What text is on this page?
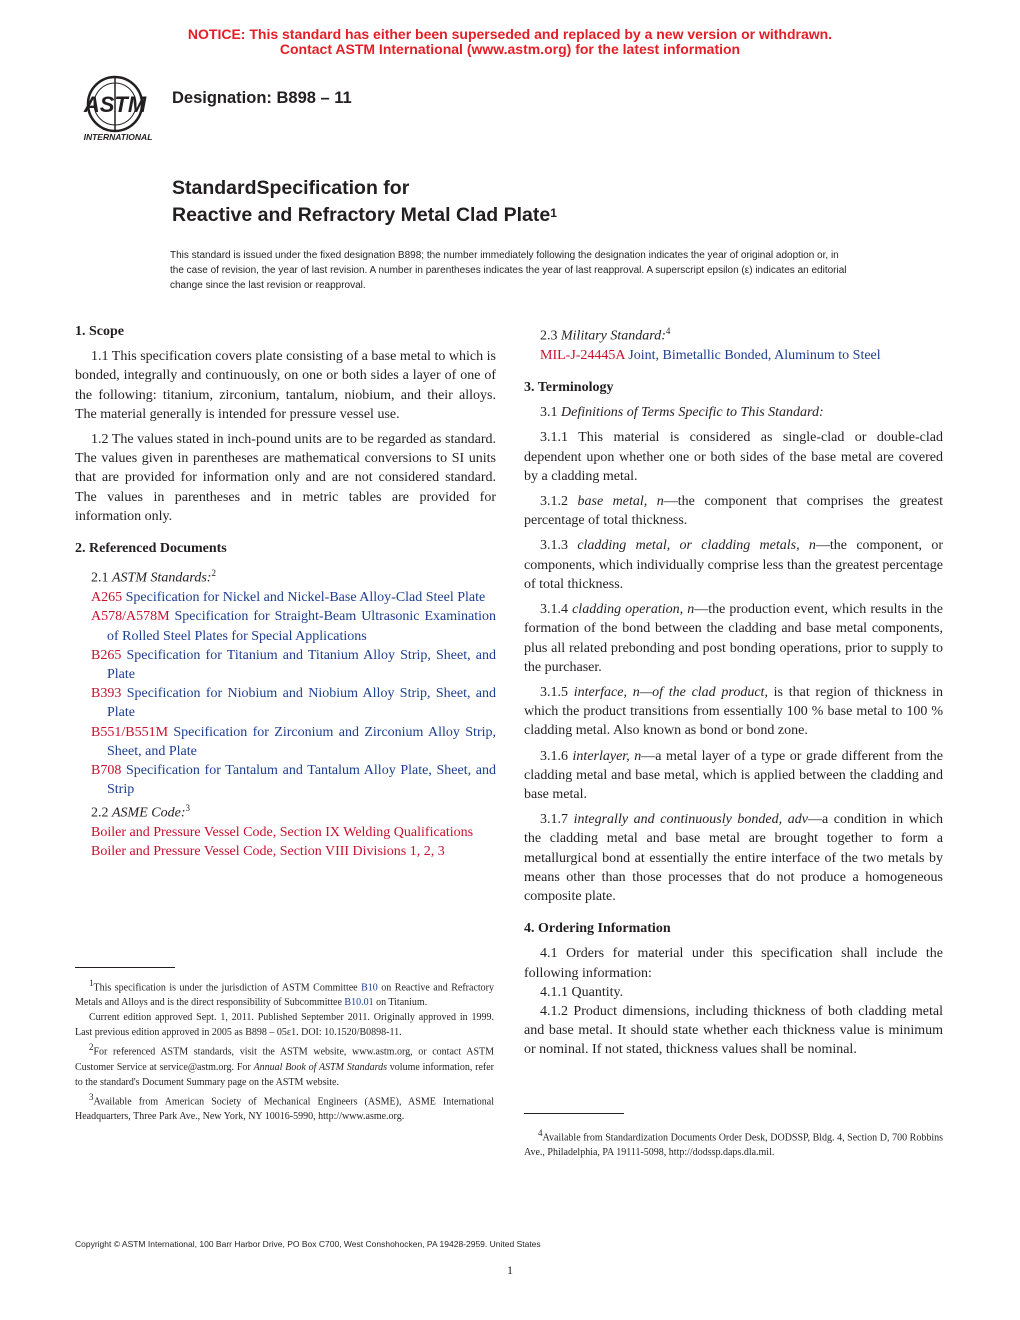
NOTICE: This standard has either been superseded and replaced by a new version or withdrawn.
Contact ASTM International (www.astm.org) for the latest information
ASTM
INTERNATIONAL
Designation: B898 – 11
StandardSpecification for
Reactive and Refractory Metal Clad Plate$^1$
This standard is issued under the fixed designation B898; the number immediately following the designation indicates the year of original adoption or, in the case of revision, the year of last revision. A number in parentheses indicates the year of last reapproval. A superscript epsilon (ε) indicates an editorial change since the last revision or reapproval.
1. Scope

1.1 This specification covers plate consisting of a base metal to which is bonded, integrally and continuously, on one or both sides a layer of one of the following: titanium, zirconium, tantalum, niobium, and their alloys. The material generally is intended for pressure vessel use.

1.2 The values stated in inch-pound units are to be regarded as standard. The values given in parentheses are mathematical conversions to SI units that are provided for information only and are not considered standard. The values in parentheses and in metric tables are provided for information only.

2. Referenced Documents
2.1 ASTM Standards:$^2$
A265 Specification for Nickel and Nickel-Base Alloy-Clad Steel Plate
A578/A578M Specification for Straight-Beam Ultrasonic Examination of Rolled Steel Plates for Special Applications
B265 Specification for Titanium and Titanium Alloy Strip, Sheet, and Plate
B393 Specification for Niobium and Niobium Alloy Strip, Sheet, and Plate
B551/B551M Specification for Zirconium and Zirconium Alloy Strip, Sheet, and Plate
B708 Specification for Tantalum and Tantalum Alloy Plate, Sheet, and Strip
2.2 ASME Code:$^3$
Boiler and Pressure Vessel Code, Section IX Welding Qualifications
Boiler and Pressure Vessel Code, Section VIII Divisions 1, 2, 3
$^1$This specification is under the jurisdiction of ASTM Committee B10 on Reactive and Refractory Metals and Alloys and is the direct responsibility of Subcommittee B10.01 on Titanium.
Current edition approved Sept. 1, 2011. Published September 2011. Originally approved in 1999. Last previous edition approved in 2005 as B898 – 05ε1. DOI: 10.1520/B0898-11.
$^2$For referenced ASTM standards, visit the ASTM website, www.astm.org, or contact ASTM Customer Service at service@astm.org. For Annual Book of ASTM Standards volume information, refer to the standard's Document Summary page on the ASTM website.
$^3$Available from American Society of Mechanical Engineers (ASME), ASME International Headquarters, Three Park Ave., New York, NY 10016-5990, http://www.asme.org.
2.3 Military Standard:$^4$
MIL-J-24445A Joint, Bimetallic Bonded, Aluminum to Steel
3. Terminology

3.1 Definitions of Terms Specific to This Standard:

3.1.1 This material is considered as single-clad or double-clad dependent upon whether one or both sides of the base metal are covered by a cladding metal.

3.1.2 base metal, n—the component that comprises the greatest percentage of total thickness.

3.1.3 cladding metal, or cladding metals, n—the component, or components, which individually comprise less than the greatest percentage of total thickness.

3.1.4 cladding operation, n—the production event, which results in the formation of the bond between the cladding and base metal components, plus all related prebonding and post bonding operations, prior to supply to the purchaser.

3.1.5 interface, n—of the clad product, is that region of thickness in which the product transitions from essentially 100 % base metal to 100 % cladding metal. Also known as bond or bond zone.

3.1.6 interlayer, n—a metal layer of a type or grade different from the cladding metal and base metal, which is applied between the cladding and base metal.

3.1.7 integrally and continuously bonded, adv—a condition in which the cladding metal and base metal are brought together to form a metallurgical bond at essentially the entire interface of the two metals by means other than those processes that do not produce a homogeneous composite plate.

4. Ordering Information

4.1 Orders for material under this specification shall include the following information:

4.1.1 Quantity.

4.1.2 Product dimensions, including thickness of both cladding metal and base metal. It should state whether each thickness value is minimum or nominal. If not stated, thickness values shall be nominal.

$^4$Available from Standardization Documents Order Desk, DODSSP, Bldg. 4, Section D, 700 Robbins Ave., Philadelphia, PA 19111-5098, http://dodssp.daps.dla.mil.
Copyright © ASTM International, 100 Barr Harbor Drive, PO Box C700, West Conshohocken, PA 19428-2959. United States
1
